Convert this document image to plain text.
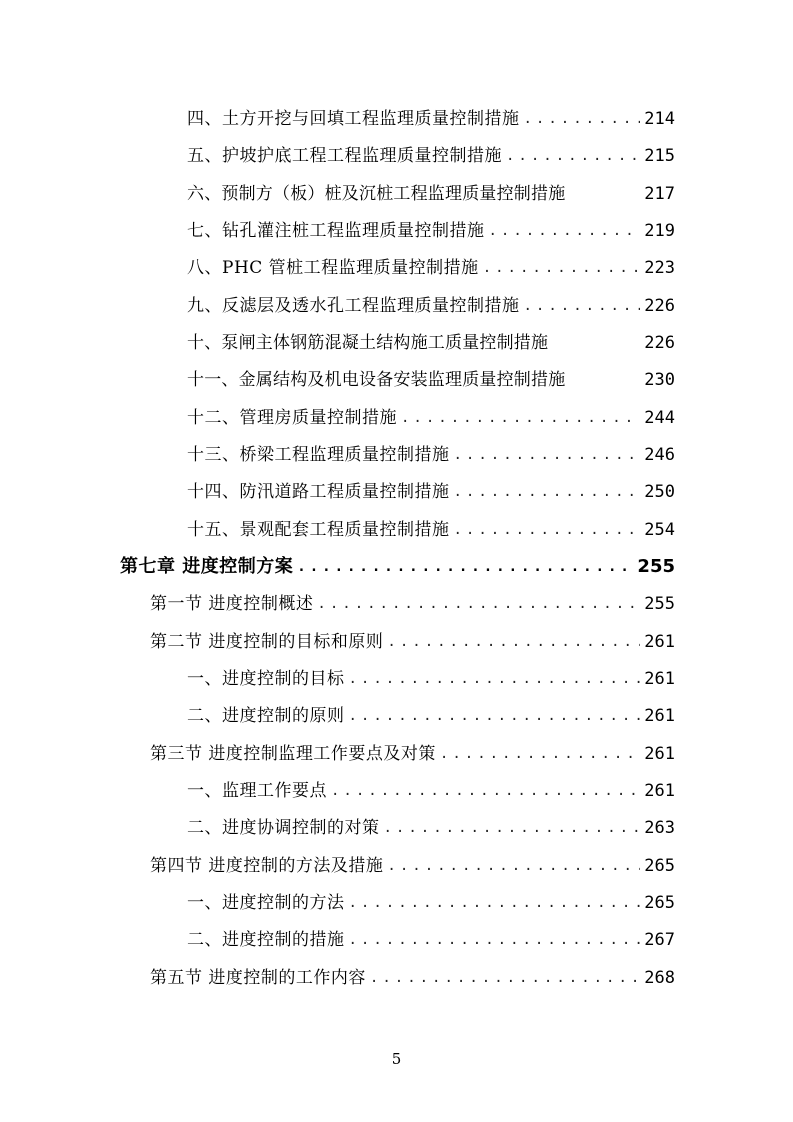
四、土方开挖与回填工程监理质量控制措施 .....	214
五、护坡护底工程工程监理质量控制措施 .....	215
六、预制方（板）桩及沉桩工程监理质量控制措施	217
七、钻孔灌注桩工程监理质量控制措施 .....	219
八、PHC 管桩工程监理质量控制措施 .....	223
九、反滤层及透水孔工程监理质量控制措施 .....	226
十、泵闸主体钢筋混凝土结构施工质量控制措施	226
十一、金属结构及机电设备安装监理质量控制措施	230
十二、管理房质量控制措施 .....	244
十三、桥梁工程监理质量控制措施 .....	246
十四、防汛道路工程质量控制措施 .....	250
十五、景观配套工程质量控制措施 .....	254
第七章 进度控制方案 .....	255
第一节 进度控制概述 .....	255
第二节 进度控制的目标和原则 .....	261
一、进度控制的目标 .....	261
二、进度控制的原则 .....	261
第三节 进度控制监理工作要点及对策 .....	261
一、监理工作要点 .....	261
二、进度协调控制的对策 .....	263
第四节 进度控制的方法及措施 .....	265
一、进度控制的方法 .....	265
二、进度控制的措施 .....	267
第五节 进度控制的工作内容 .....	268
5
